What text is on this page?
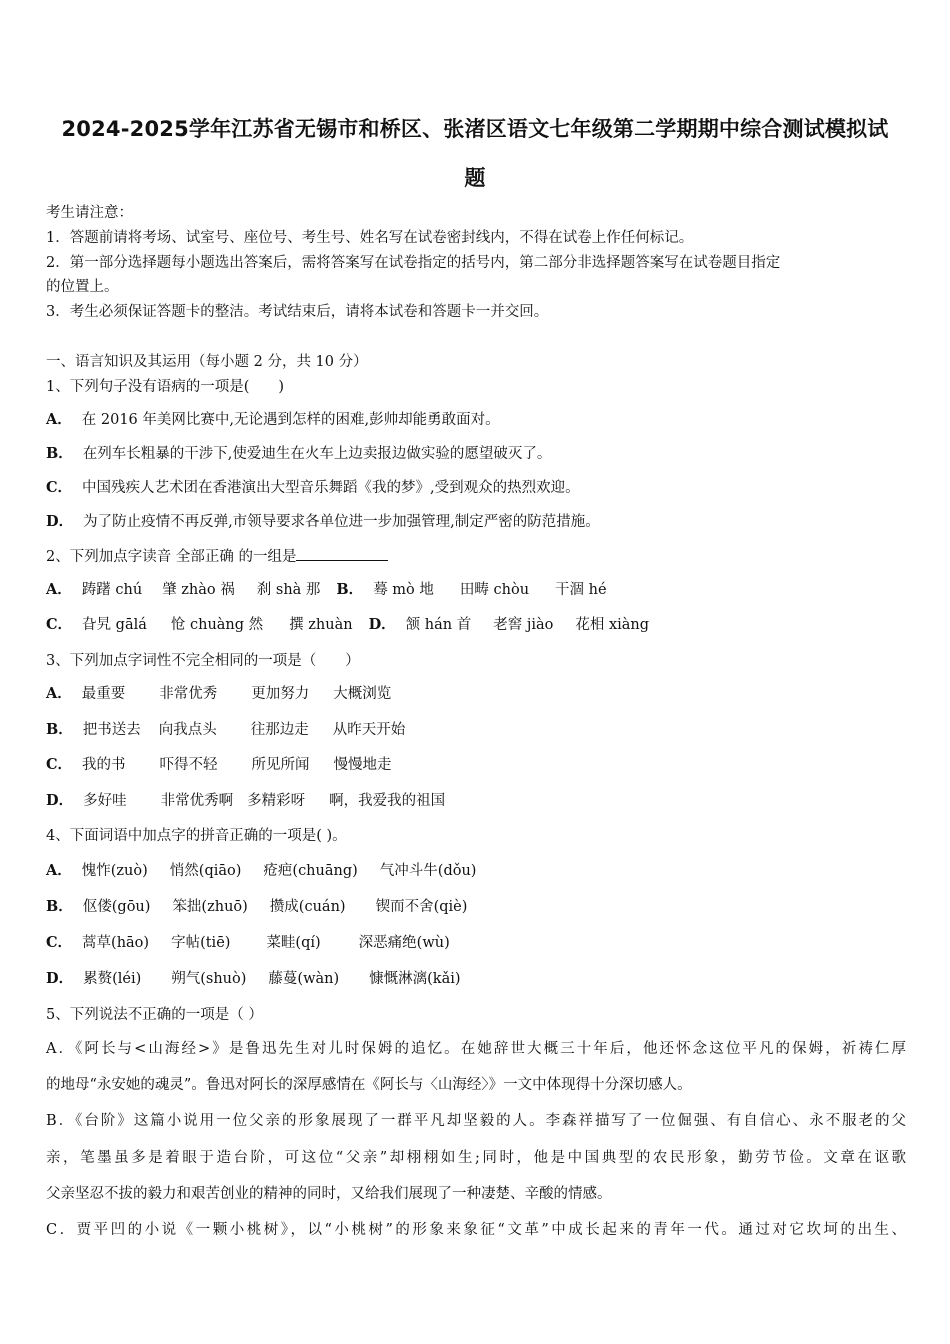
2024-2025学年江苏省无锡市和桥区、张渚区语文七年级第二学期期中综合测试模拟试
题
考生请注意：
1．答题前请将考场、试室号、座位号、考生号、姓名写在试卷密封线内，不得在试卷上作任何标记。
2．第一部分选择题每小题选出答案后，需将答案写在试卷指定的括号内，第二部分非选择题答案写在试卷题目指定
的位置上。
3．考生必须保证答题卡的整洁。考试结束后，请将本试卷和答题卡一并交回。
一、语言知识及其运用（每小题 2 分，共 10 分）
1、下列句子没有语病的一项是(　　)
A． 在 2016 年美网比赛中,无论遇到怎样的困难,彭帅却能勇敢面对。
B． 在列车长粗暴的干涉下,使爱迪生在火车上边卖报边做实验的愿望破灭了。
C． 中国残疾人艺术团在香港演出大型音乐舞蹈《我的梦》,受到观众的热烈欢迎。
D． 为了防止疫情不再反弹,市领导要求各单位进一步加强管理,制定严密的防范措施。
2、下列加点字读音 全部正确 的一组是
A． 踌躇 chú 肇 zhào 祸 刹 shà 那 B． 蓦 mò 地 田畴 chòu 干涸 hé
C． 旮旯 gālá 怆 chuàng 然 撰 zhuàn D． 颔 hán 首 老窖 jiào 花相 xiàng
3、下列加点字词性不完全相同的一项是（　　）
A． 最重要 非常优秀 更加努力 大概浏览
B． 把书送去 向我点头 往那边走 从昨天开始
C． 我的书 吓得不轻 所见所闻 慢慢地走
D． 多好哇 非常优秀啊 多精彩呀 啊，我爱我的祖国
4、下面词语中加点字的拼音正确的一项是( )。
A． 愧怍(zuò) 悄然(qiāo) 疮疤(chuāng) 气冲斗牛(dǒu)
B． 伛偻(gōu) 笨拙(zhuō) 攒成(cuán) 锲而不舍(qiè)
C． 蒿草(hāo) 字帖(tiē) 菜畦(qí)	深恶痛绝(wù)
D． 累赘(léi) 朔气(shuò) 藤蔓(wàn) 慷慨淋漓(kǎi)
5、下列说法不正确的一项是（ ）
A．《阿长与<山海经>》是鲁迅先生对儿时保姆的追忆。在她辞世大概三十年后，他还怀念这位平凡的保姆，祈祷仁厚
的地母“永安她的魂灵”。鲁迅对阿长的深厚感情在《阿长与〈山海经〉》一文中体现得十分深切感人。
B．《台阶》这篇小说用一位父亲的形象展现了一群平凡却坚毅的人。李森祥描写了一位倔强、有自信心、永不服老的父
亲，笔墨虽多是着眼于造台阶，可这位“父亲”却栩栩如生;同时，他是中国典型的农民形象，勤劳节俭。文章在讴歌
父亲坚忍不拔的毅力和艰苦创业的精神的同时，又给我们展现了一种凄楚、辛酸的情感。
C．贾平凹的小说《一颗小桃树》，以“小桃树”的形象来象征“文革”中成长起来的青年一代。通过对它坎坷的出生、
